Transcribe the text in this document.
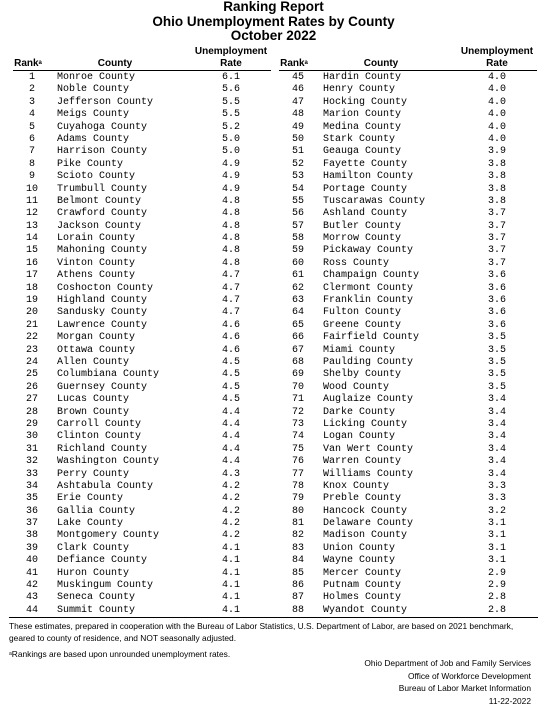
Ranking Report
Ohio Unemployment Rates by County
October 2022
Unemployment
Rank$^a$	County	Rate
1	Monroe County	6.1
2	Noble County	5.6
3	Jefferson County	5.5
4	Meigs County	5.5
5	Cuyahoga County	5.2
6	Adams County	5.0
7	Harrison County	5.0
8	Pike County	4.9
9	Scioto County	4.9
10	Trumbull County	4.9
11	Belmont County	4.8
12	Crawford County	4.8
13	Jackson County	4.8
14	Lorain County	4.8
15	Mahoning County	4.8
16	Vinton County	4.8
17	Athens County	4.7
18	Coshocton County	4.7
19	Highland County	4.7
20	Sandusky County	4.7
21	Lawrence County	4.6
22	Morgan County	4.6
23	Ottawa County	4.6
24	Allen County	4.5
25	Columbiana County	4.5
26	Guernsey County	4.5
27	Lucas County	4.5
28	Brown County	4.4
29	Carroll County	4.4
30	Clinton County	4.4
31	Richland County	4.4
32	Washington County	4.4
33	Perry County	4.3
34	Ashtabula County	4.2
35	Erie County	4.2
36	Gallia County	4.2
37	Lake County	4.2
38	Montgomery County	4.2
39	Clark County	4.1
40	Defiance County	4.1
41	Huron County	4.1
42	Muskingum County	4.1
43	Seneca County	4.1
44	Summit County	4.1
Unemployment
Rank$^a$	County	Rate
45	Hardin County	4.0
46	Henry County	4.0
47	Hocking County	4.0
48	Marion County	4.0
49	Medina County	4.0
50	Stark County	4.0
51	Geauga County	3.9
52	Fayette County	3.8
53	Hamilton County	3.8
54	Portage County	3.8
55	Tuscarawas County	3.8
56	Ashland County	3.7
57	Butler County	3.7
58	Morrow County	3.7
59	Pickaway County	3.7
60	Ross County	3.7
61	Champaign County	3.6
62	Clermont County	3.6
63	Franklin County	3.6
64	Fulton County	3.6
65	Greene County	3.6
66	Fairfield County	3.5
67	Miami County	3.5
68	Paulding County	3.5
69	Shelby County	3.5
70	Wood County	3.5
71	Auglaize County	3.4
72	Darke County	3.4
73	Licking County	3.4
74	Logan County	3.4
75	Van Wert County	3.4
76	Warren County	3.4
77	Williams County	3.4
78	Knox County	3.3
79	Preble County	3.3
80	Hancock County	3.2
81	Delaware County	3.1
82	Madison County	3.1
83	Union County	3.1
84	Wayne County	3.1
85	Mercer County	2.9
86	Putnam County	2.9
87	Holmes County	2.8
88	Wyandot County	2.8
These estimates, prepared in cooperation with the Bureau of Labor Statistics, U.S. Department of Labor, are based on 2021 benchmark, geared to county of residence, and NOT seasonally adjusted.
$^a$Rankings are based upon unrounded unemployment rates.
Ohio Department of Job and Family Services
Office of Workforce Development
Bureau of Labor Market Information
11-22-2022
